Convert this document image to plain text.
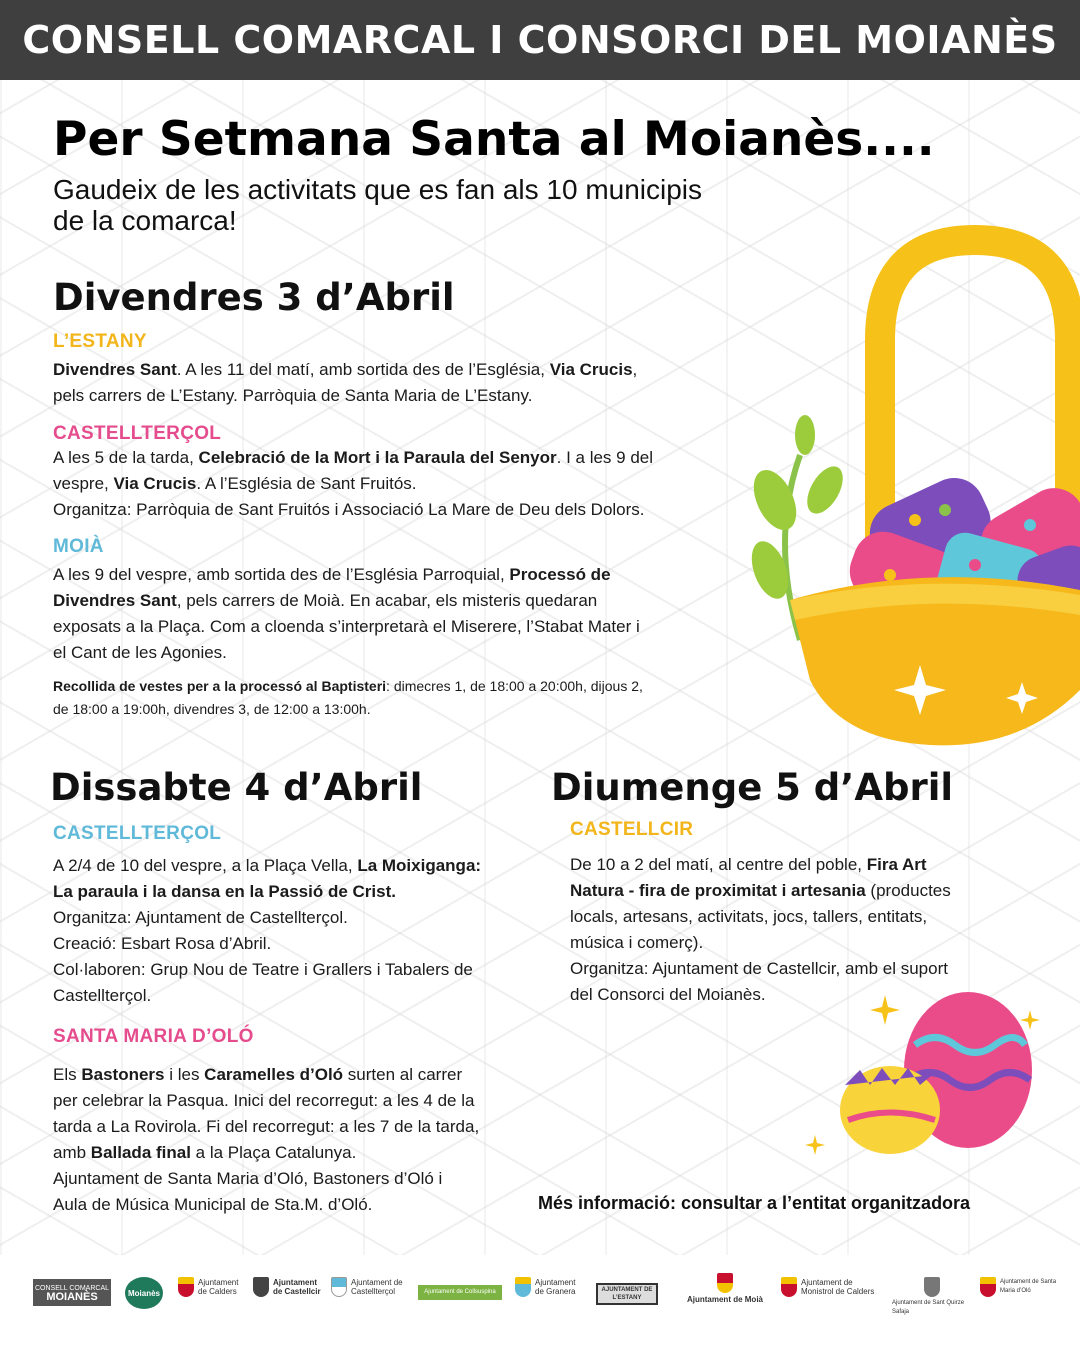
CONSELL COMARCAL I CONSORCI DEL MOIANÈS
Per Setmana Santa al Moianès....
Gaudeix de les activitats que es fan als 10 municipis de la comarca!
Divendres 3 d’Abril
L’ESTANY
Divendres Sant. A les 11 del matí, amb sortida des de l’Església, Via Crucis,
pels carrers de L’Estany. Parròquia de Santa Maria de L’Estany.
CASTELLTERÇOL
A les 5 de la tarda, Celebració de la Mort i la Paraula del Senyor. I a les 9 del
vespre, Via Crucis. A l’Església de Sant Fruitós.
Organitza: Parròquia de Sant Fruitós i Associació La Mare de Deu dels Dolors.
MOIÀ
A les 9 del vespre, amb sortida des de l’Església Parroquial, Processó de
Divendres Sant, pels carrers de Moià. En acabar, els misteris quedaran
exposats a la Plaça. Com a cloenda s’interpretarà el Miserere, l’Stabat Mater i
el Cant de les Agonies.
Recollida de vestes per a la processó al Baptisteri: dimecres 1, de 18:00 a 20:00h, dijous 2,
de 18:00 a 19:00h, divendres 3, de 12:00 a 13:00h.
Dissabte 4 d’Abril
CASTELLTERÇOL
A 2/4 de 10 del vespre, a la Plaça Vella, La Moixiganga:
La paraula i la dansa en la Passió de Crist.
Organitza: Ajuntament de Castellterçol.
Creació: Esbart Rosa d’Abril.
Col·laboren: Grup Nou de Teatre i Grallers i Tabalers de
Castellterçol.
SANTA MARIA D’OLÓ
Els Bastoners i les Caramelles d’Oló surten al carrer
per celebrar la Pasqua. Inici del recorregut: a les 4 de la
tarda a La Rovirola. Fi del recorregut: a les 7 de la tarda,
amb Ballada final a la Plaça Catalunya.
Ajuntament de Santa Maria d’Oló, Bastoners d’Oló i
Aula de Música Municipal de Sta.M. d’Oló.
Diumenge 5 d’Abril
CASTELLCIR
De 10 a 2 del matí, al centre del poble, Fira Art
Natura - fira de proximitat i artesania (productes
locals, artesans, activitats, jocs, tallers, entitats,
música i comerç).
Organitza: Ajuntament de Castellcir, amb el suport
del Consorci del Moianès.
Més informació: consultar a l’entitat organitzadora
CONSELL COMARCAL
MOIANÈS	Moianès
Ajuntament de Calders
Ajuntament de Castellcir
Ajuntament de Castellterçol	Ajuntament de Collsuspina
Ajuntament de Granera	AJUNTAMENT DE L’ESTANY	Ajuntament de Moià
Ajuntament de Monistrol de Calders
Ajuntament de Sant Quirze Safaja
Ajuntament de Santa Maria d’Oló
